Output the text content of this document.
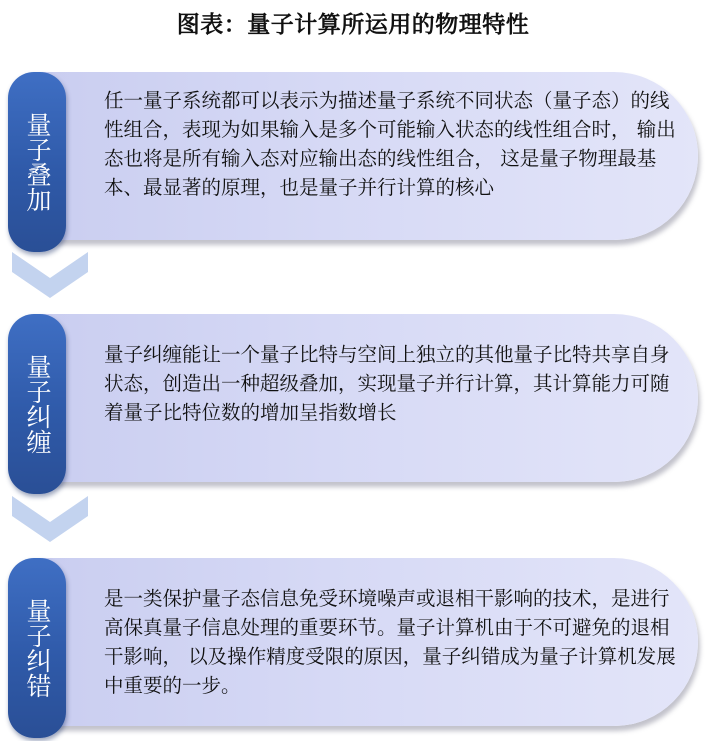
图表：量子计算所运用的物理特性
任一量子系统都可以表示为描述量子系统不同状态（量子态）的线性组合，表现为如果输入是多个可能输入状态的线性组合时， 输出态也将是所有输入态对应输出态的线性组合， 这是量子物理最基本、最显著的原理，也是量子并行计算的核心
量子叠加
量子纠缠能让一个量子比特与空间上独立的其他量子比特共享自身状态，创造出一种超级叠加，实现量子并行计算，其计算能力可随着量子比特位数的增加呈指数增长
量子纠缠
是一类保护量子态信息免受环境噪声或退相干影响的技术，是进行高保真量子信息处理的重要环节。量子计算机由于不可避免的退相干影响， 以及操作精度受限的原因，量子纠错成为量子计算机发展中重要的一步。
量子纠错
